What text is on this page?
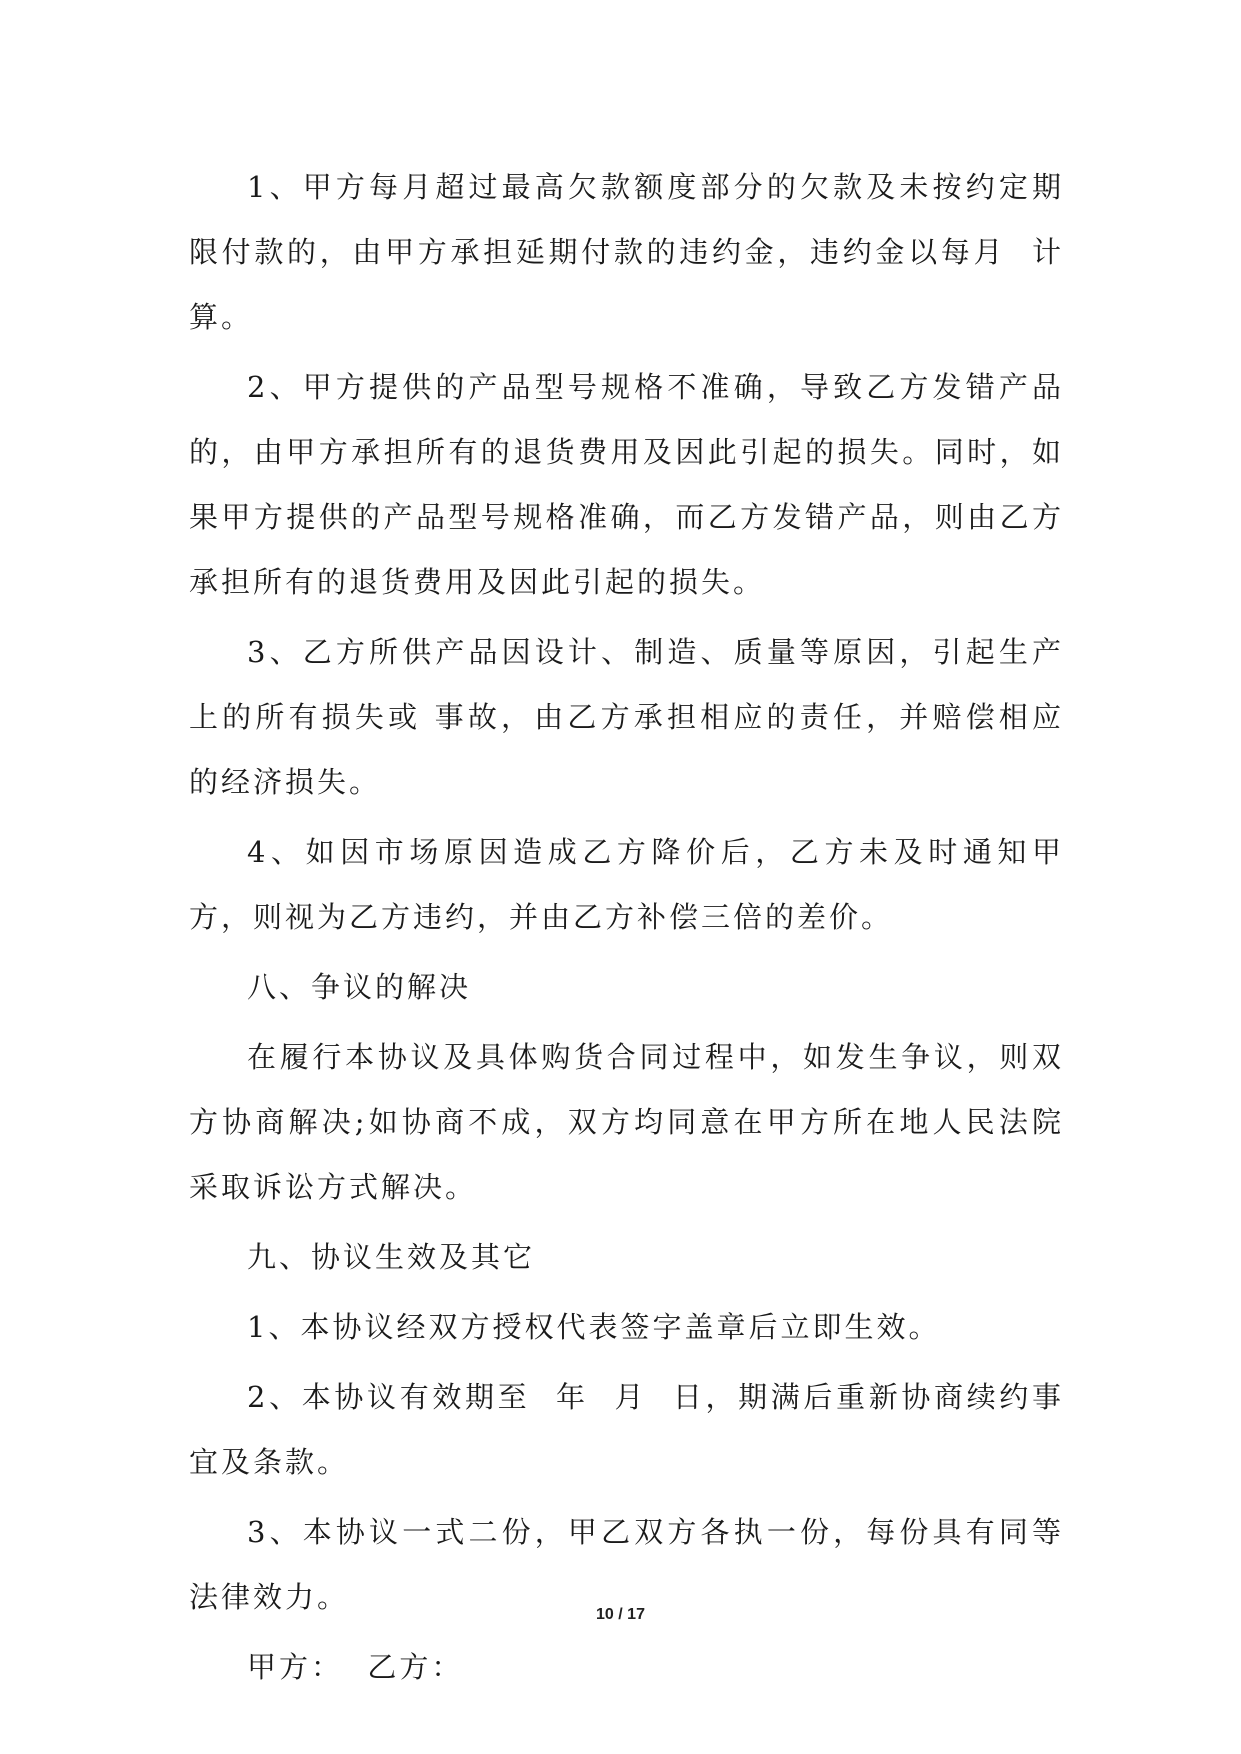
1、甲方每月超过最高欠款额度部分的欠款及未按约定期限付款的，由甲方承担延期付款的违约金，违约金以每月  计算。

2、甲方提供的产品型号规格不准确，导致乙方发错产品的，由甲方承担所有的退货费用及因此引起的损失。同时，如果甲方提供的产品型号规格准确，而乙方发错产品，则由乙方承担所有的退货费用及因此引起的损失。

3、乙方所供产品因设计、制造、质量等原因，引起生产上的所有损失或 事故，由乙方承担相应的责任，并赔偿相应的经济损失。

4、如因市场原因造成乙方降价后，乙方未及时通知甲方，则视为乙方违约，并由乙方补偿三倍的差价。

八、争议的解决

在履行本协议及具体购货合同过程中，如发生争议，则双方协商解决;如协商不成，双方均同意在甲方所在地人民法院采取诉讼方式解决。

九、协议生效及其它

1、本协议经双方授权代表签字盖章后立即生效。

2、本协议有效期至  年  月  日，期满后重新协商续约事宜及条款。

3、本协议一式二份，甲乙双方各执一份，每份具有同等法律效力。

甲方：  乙方：

10 / 17
